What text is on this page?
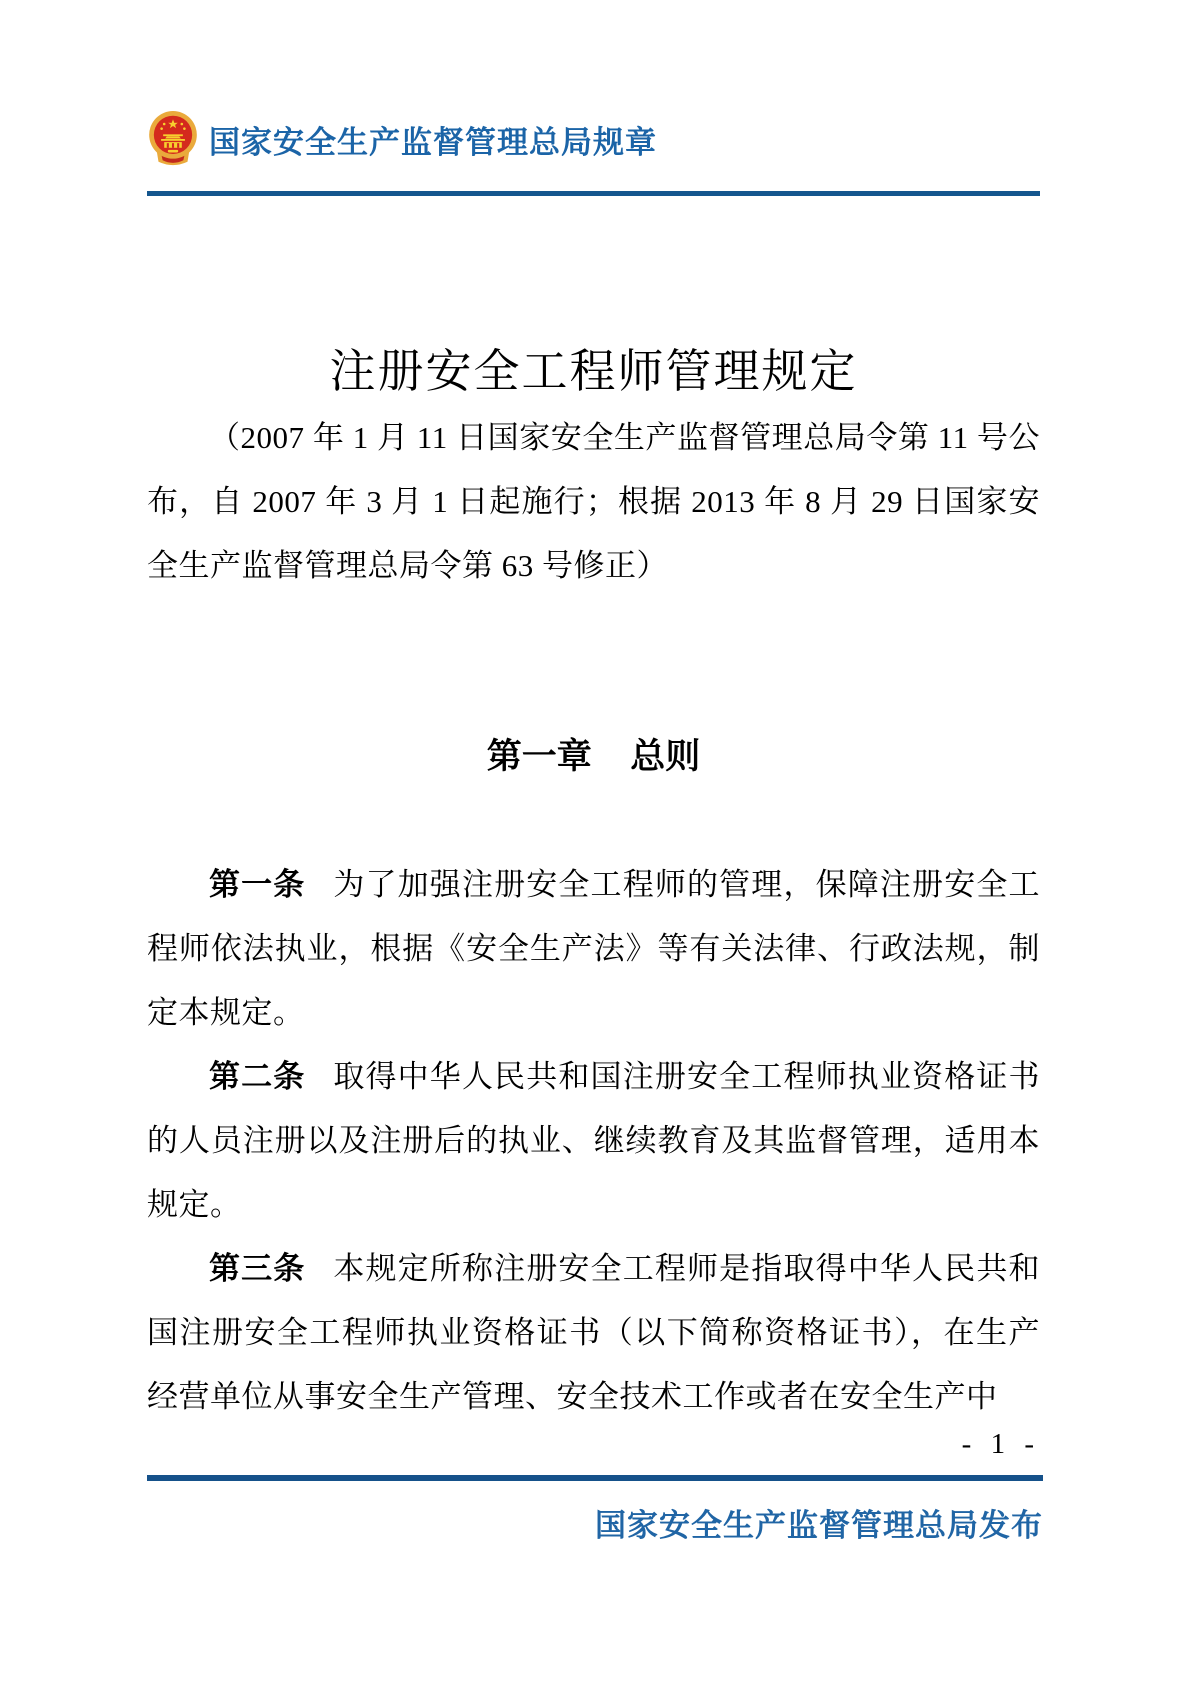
国家安全生产监督管理总局规章
注册安全工程师管理规定

（2007 年 1 月 11 日国家安全生产监督管理总局令第 11 号公布，自 2007 年 3 月 1 日起施行；根据 2013 年 8 月 29 日国家安全生产监督管理总局令第 63 号修正）

第一章 总则

第一条 为了加强注册安全工程师的管理，保障注册安全工程师依法执业，根据《安全生产法》等有关法律、行政法规，制定本规定。

第二条 取得中华人民共和国注册安全工程师执业资格证书的人员注册以及注册后的执业、继续教育及其监督管理，适用本规定。

第三条 本规定所称注册安全工程师是指取得中华人民共和国注册安全工程师执业资格证书（以下简称资格证书），在生产经营单位从事安全生产管理、安全技术工作或者在安全生产中

- 1 -
国家安全生产监督管理总局发布
